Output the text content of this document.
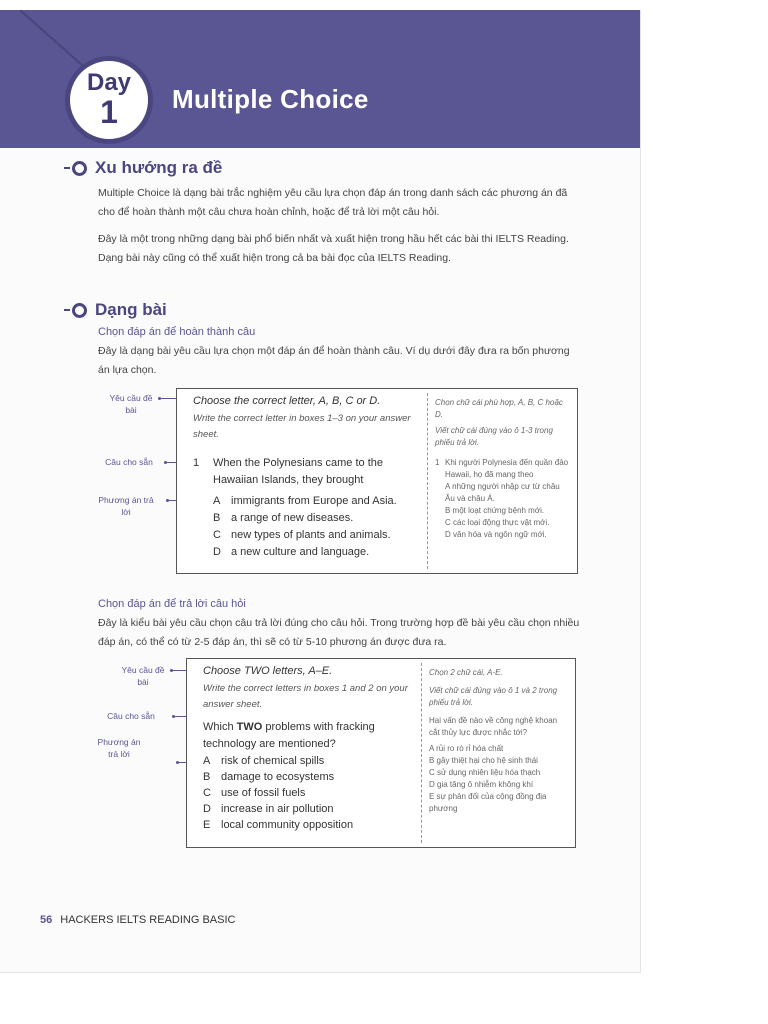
Day
1	Multiple Choice
Xu hướng ra đề

Multiple Choice là dạng bài trắc nghiệm yêu cầu lựa chọn đáp án trong danh sách các phương án đã cho để hoàn thành một câu chưa hoàn chỉnh, hoặc để trả lời một câu hỏi.

Đây là một trong những dạng bài phổ biến nhất và xuất hiện trong hầu hết các bài thi IELTS Reading. Dạng bài này cũng có thể xuất hiện trong cả ba bài đọc của IELTS Reading.

Dạng bài
Chọn đáp án để hoàn thành câu

Đây là dạng bài yêu cầu lựa chọn một đáp án để hoàn thành câu. Ví dụ dưới đây đưa ra bốn phương án lựa chọn.

Yêu cầu đề bài
Câu cho sẵn
Phương án trả lời
Choose the correct letter, A, B, C or D.
Write the correct letter in boxes 1–3 on your answer sheet.
1	When the Polynesians came to the Hawaiian Islands, they brought
A immigrants from Europe and Asia.
B a range of new diseases.
C new types of plants and animals.
D a new culture and language.
Chọn chữ cái phù hợp, A, B, C hoặc D.
Viết chữ cái đúng vào ô 1-3 trong phiếu trả lời.
1 Khi người Polynesia đến quần đảo Hawaii, họ đã mang theo
A những người nhập cư từ châu Âu và châu Á.
B một loạt chứng bệnh mới.
C các loại động thực vật mới.
D văn hóa và ngôn ngữ mới.
Chọn đáp án để trả lời câu hỏi

Đây là kiểu bài yêu cầu chọn câu trả lời đúng cho câu hỏi. Trong trường hợp đề bài yêu cầu chọn nhiều đáp án, có thể có từ 2-5 đáp án, thì sẽ có từ 5-10 phương án được đưa ra.

Yêu cầu đề bài
Câu cho sẵn
Phương án trả lời
Choose TWO letters, A–E.
Write the correct letters in boxes 1 and 2 on your answer sheet.
Which TWO problems with fracking technology are mentioned?
A risk of chemical spills
B damage to ecosystems
C use of fossil fuels
D increase in air pollution
E local community opposition
Chọn 2 chữ cái, A-E.
Viết chữ cái đúng vào ô 1 và 2 trong phiếu trả lời.
Hai vấn đề nào về công nghệ khoan cắt thủy lực được nhắc tới?
A rủi ro rò rỉ hóa chất
B gây thiệt hại cho hệ sinh thái
C sử dụng nhiên liệu hóa thạch
D gia tăng ô nhiễm không khí
E sự phản đối của cộng đồng địa phương
56 HACKERS IELTS READING BASIC
